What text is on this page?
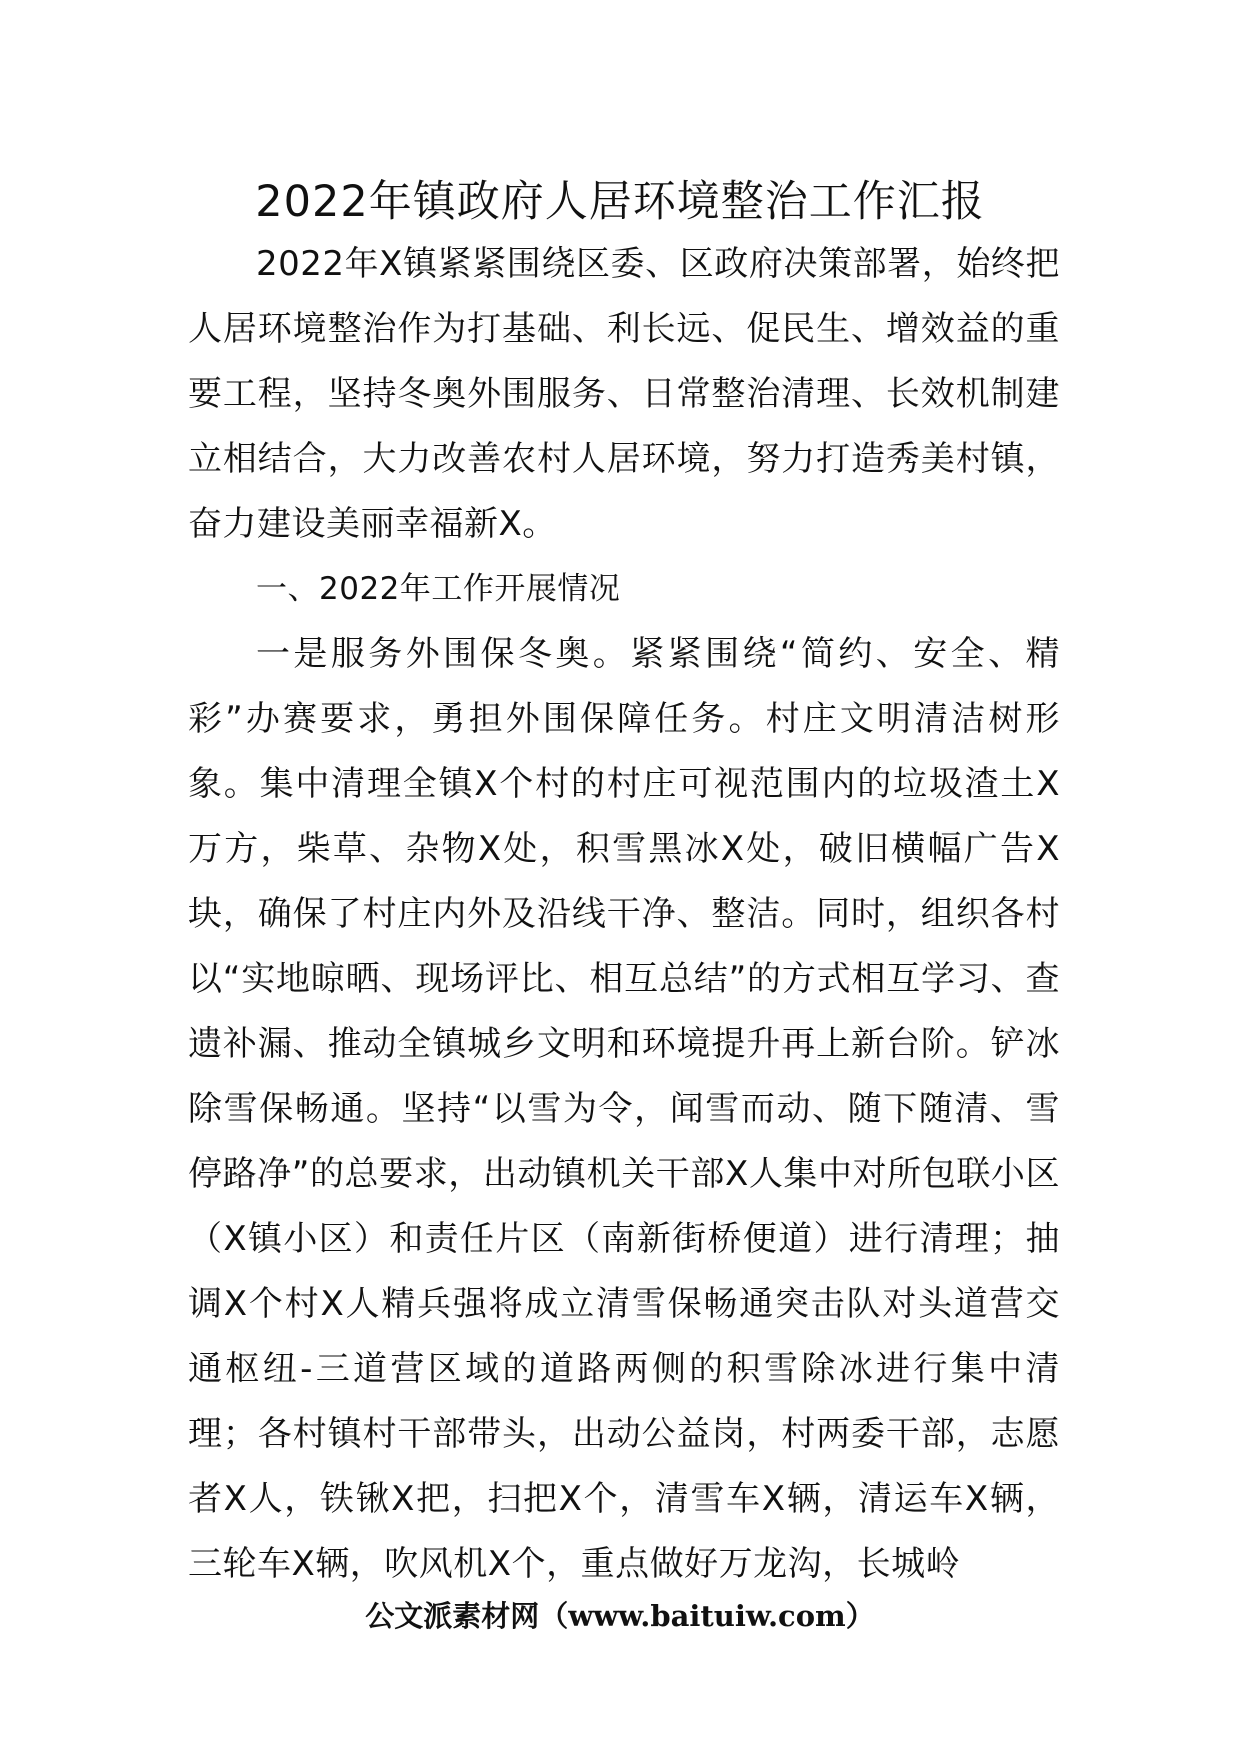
2022年镇政府人居环境整治工作汇报

2022年X镇紧紧围绕区委、区政府决策部署，始终把人居环境整治作为打基础、利长远、促民生、增效益的重要工程，坚持冬奥外围服务、日常整治清理、长效机制建立相结合，大力改善农村人居环境，努力打造秀美村镇，奋力建设美丽幸福新X。

一、2022年工作开展情况

一是服务外围保冬奥。紧紧围绕“简约、安全、精彩”办赛要求，勇担外围保障任务。村庄文明清洁树形象。集中清理全镇X个村的村庄可视范围内的垃圾渣土X万方，柴草、杂物X处，积雪黑冰X处，破旧横幅广告X块，确保了村庄内外及沿线干净、整洁。同时，组织各村以“实地晾晒、现场评比、相互总结”的方式相互学习、查遗补漏、推动全镇城乡文明和环境提升再上新台阶。铲冰除雪保畅通。坚持“以雪为令，闻雪而动、随下随清、雪停路净”的总要求，出动镇机关干部X人集中对所包联小区（X镇小区）和责任片区（南新街桥便道）进行清理；抽调X个村X人精兵强将成立清雪保畅通突击队对头道营交通枢纽-三道营区域的道路两侧的积雪除冰进行集中清理；各村镇村干部带头，出动公益岗，村两委干部，志愿者X人，铁锹X把，扫把X个，清雪车X辆，清运车X辆，三轮车X辆，吹风机X个，重点做好万龙沟，长城岭

公文派素材网（www.baituiw.com）
